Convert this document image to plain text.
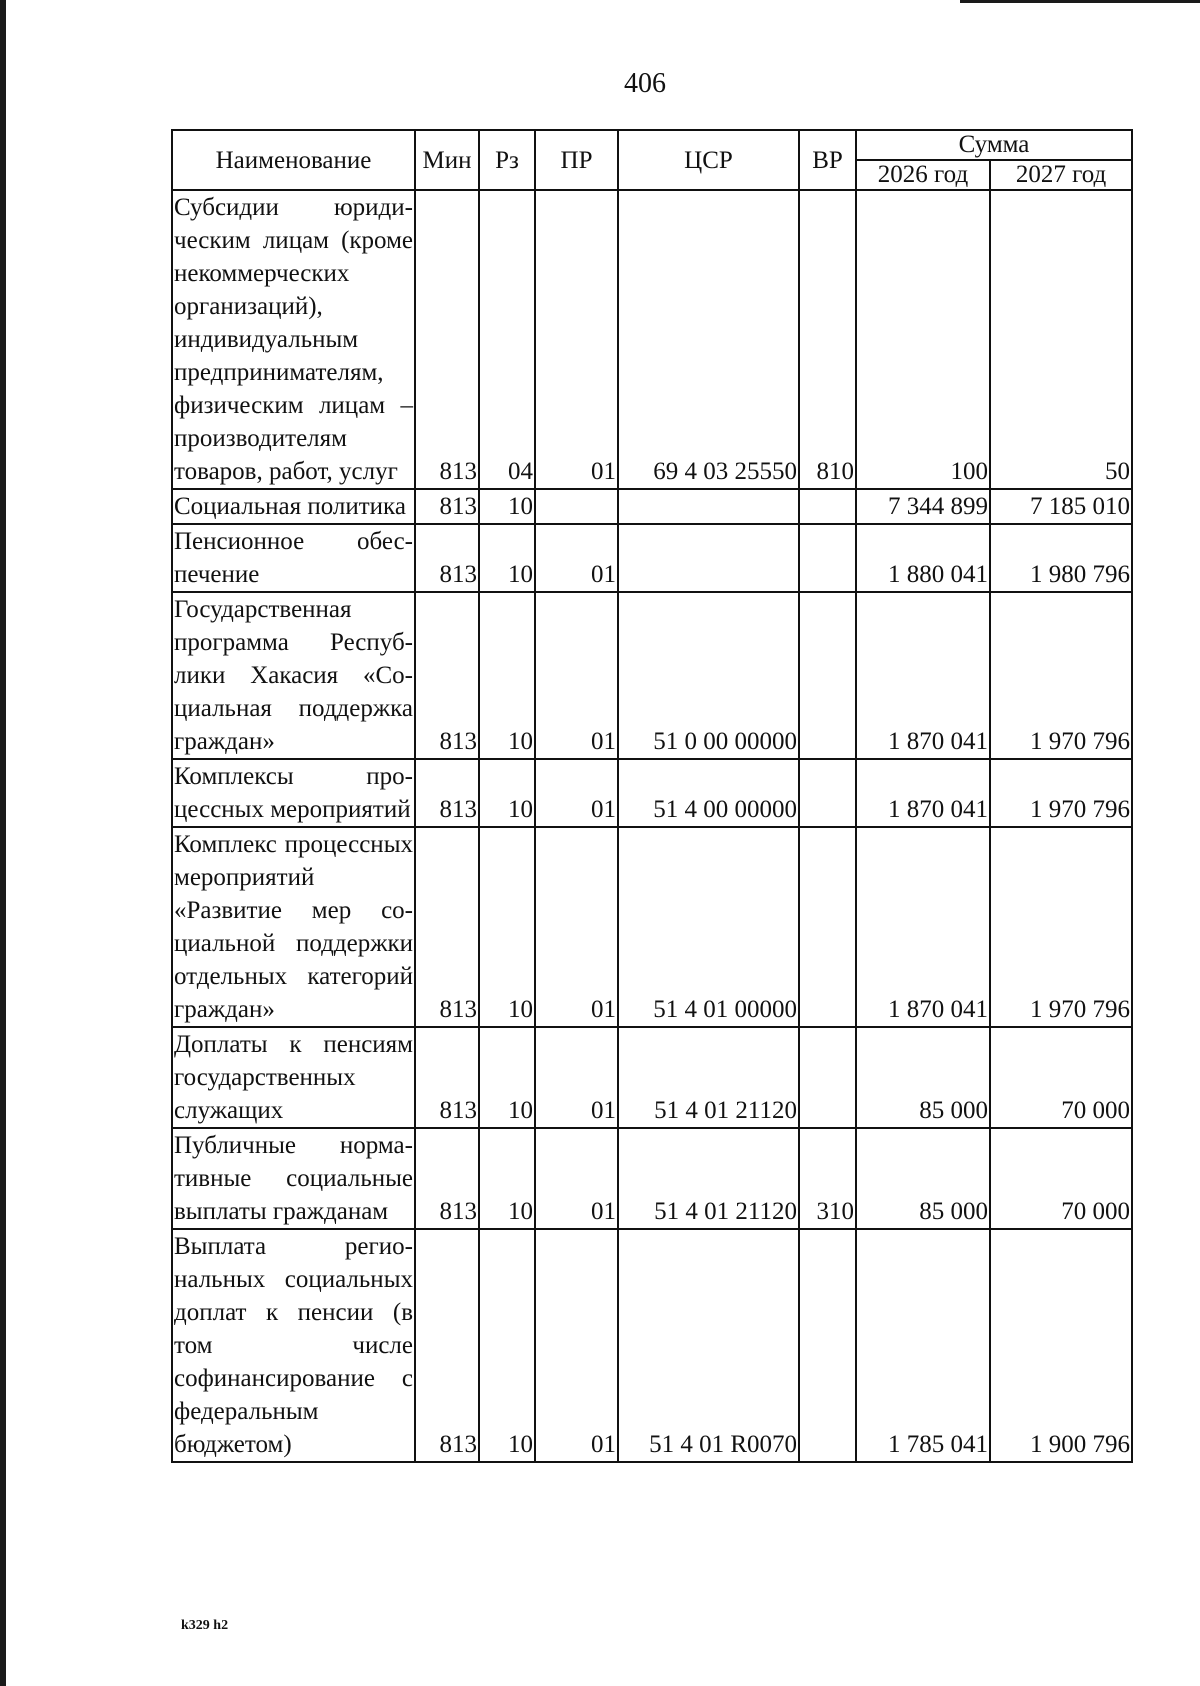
406
Наименование	Мин	Рз	ПР	ЦСР	ВР	Сумма	
						2026 год	2027 год
Субсидии юридическим лицам (кроме некоммерческих организаций), индивидуальным предпринимателям, физическим лицам – производителям товаров, работ, услуг	813	04	01	69 4 03 25550	810	100	50
Социальная политика	813	10				7 344 899	7 185 010
Пенсионное обеспечение	813	10	01			1 880 041	1 980 796
Государственная программа Республики Хакасия «Социальная поддержка граждан»	813	10	01	51 0 00 00000		1 870 041	1 970 796
Комплексы процессных мероприятий	813	10	01	51 4 00 00000		1 870 041	1 970 796
Комплекс процессных мероприятий «Развитие мер социальной поддержки отдельных категорий граждан»	813	10	01	51 4 01 00000		1 870 041	1 970 796
Доплаты к пенсиям государственных служащих	813	10	01	51 4 01 21120		85 000	70 000
Публичные нормативные социальные выплаты гражданам	813	10	01	51 4 01 21120	310	85 000	70 000
Выплата региональных социальных доплат к пенсии (в том числе софинансирование с федеральным бюджетом)	813	10	01	51 4 01 R0070		1 785 041	1 900 796
k329 h2
